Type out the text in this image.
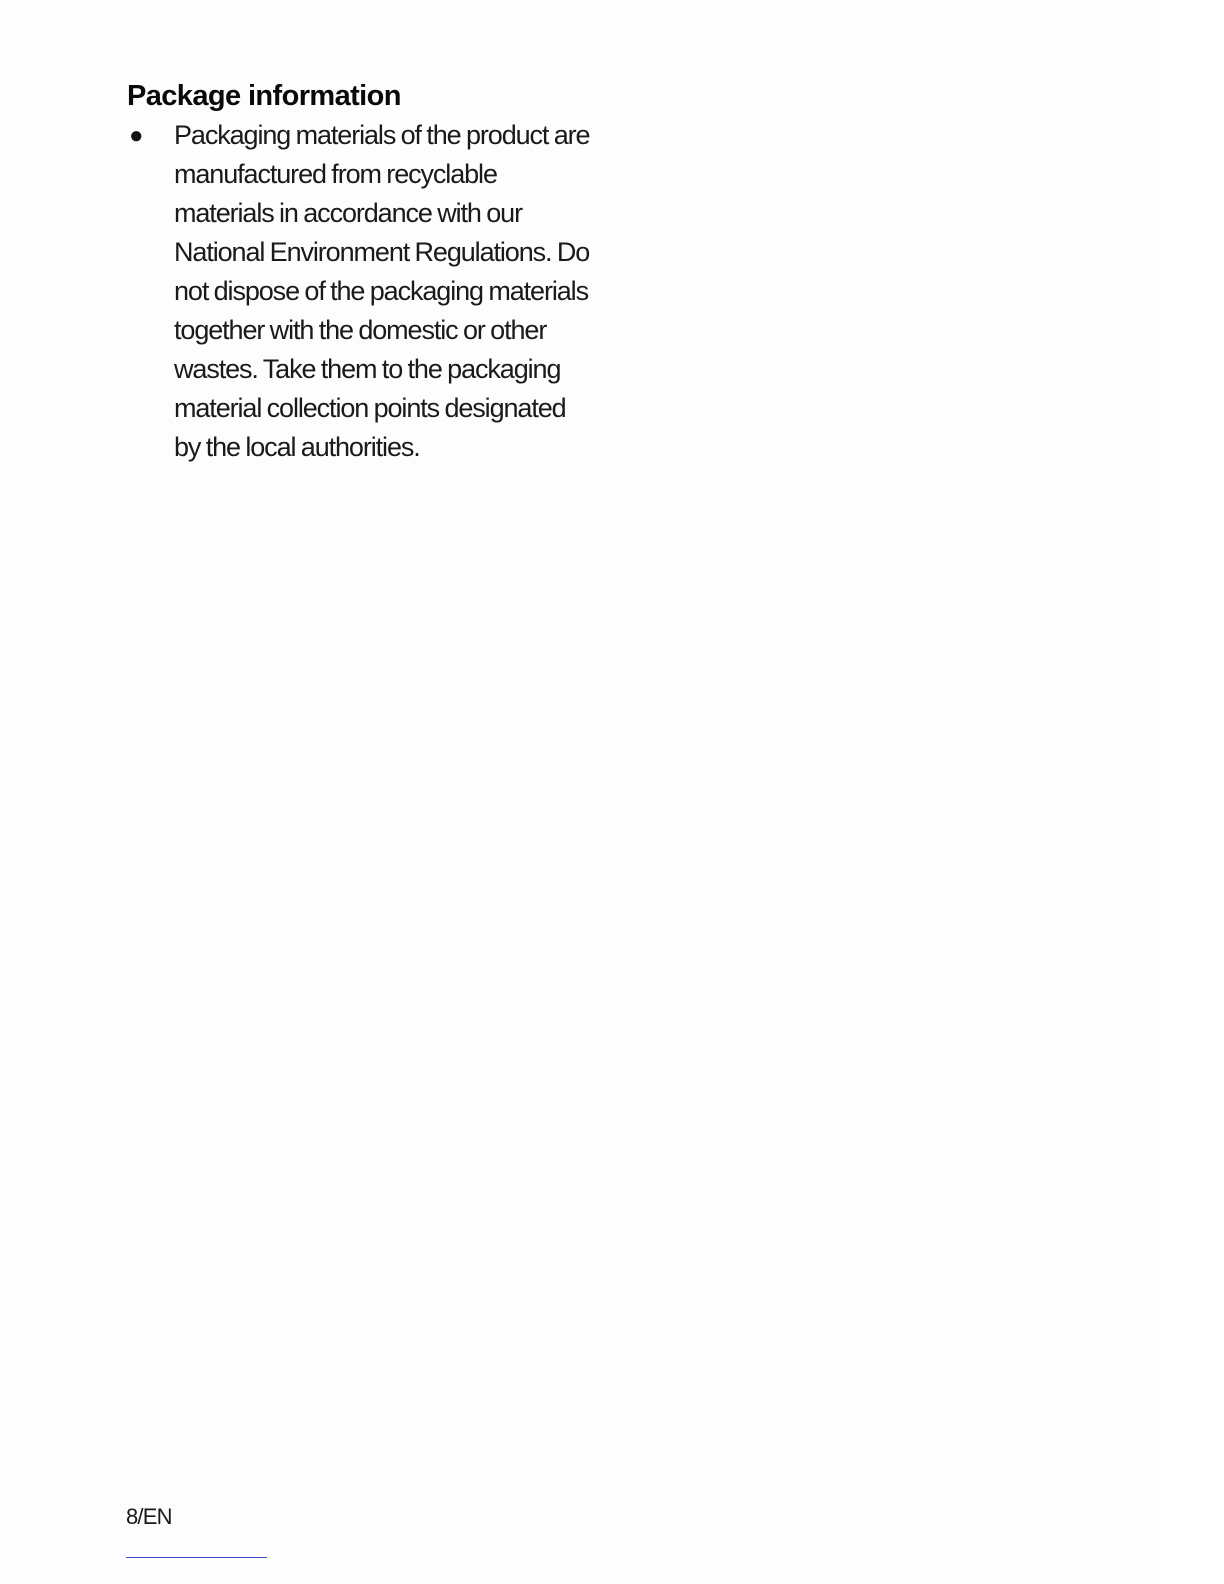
Package information
● Packaging materials of the product are manufactured from recyclable materials in accordance with our National Environment Regulations. Do not dispose of the packaging materials together with the domestic or other wastes. Take them to the packaging material collection points designated by the local authorities.
8/EN
